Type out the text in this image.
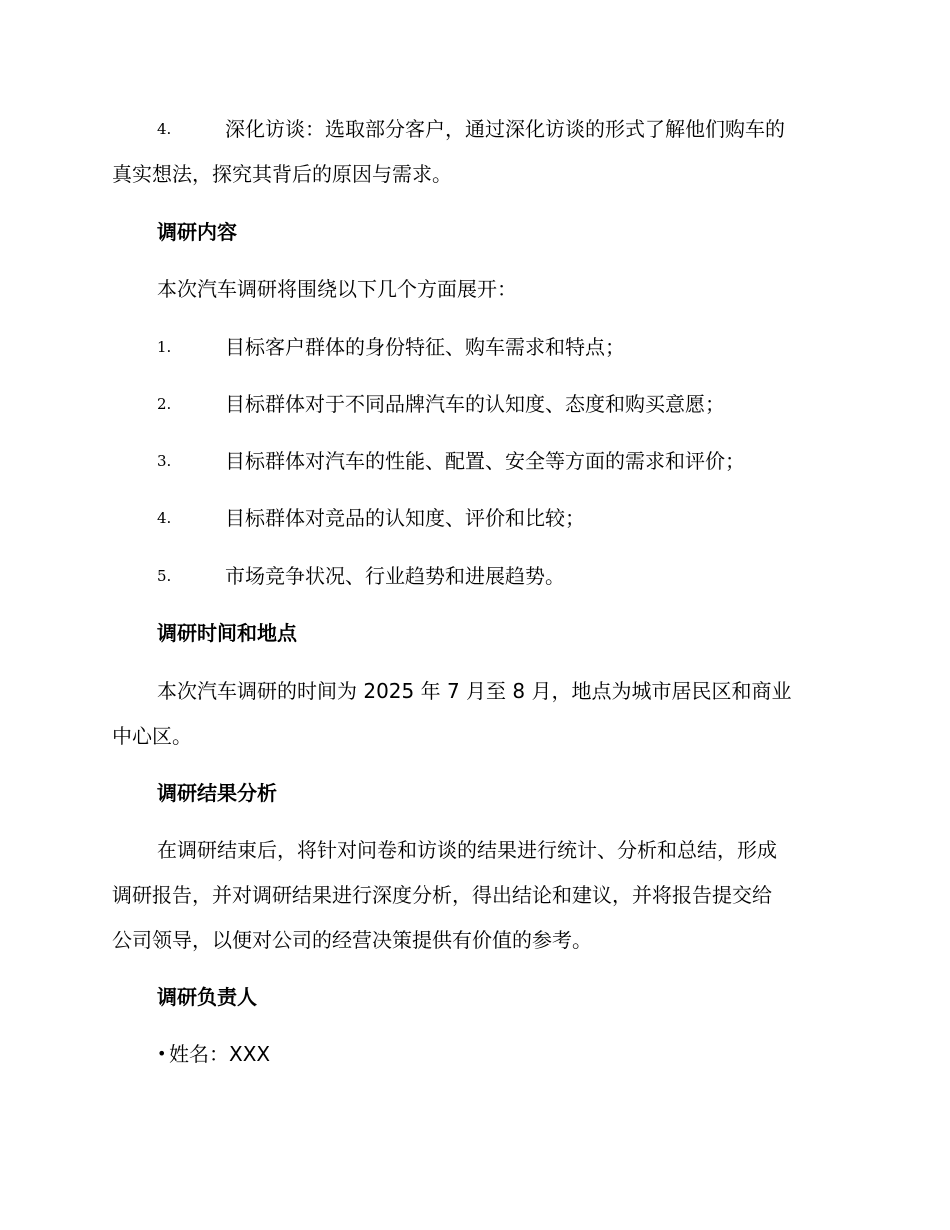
4.	深化访谈：选取部分客户，通过深化访谈的形式了解他们购车的
真实想法，探究其背后的原因与需求。
调研内容
本次汽车调研将围绕以下几个方面展开：
1.	目标客户群体的身份特征、购车需求和特点；
2.	目标群体对于不同品牌汽车的认知度、态度和购买意愿；
3.	目标群体对汽车的性能、配置、安全等方面的需求和评价；
4.	目标群体对竞品的认知度、评价和比较；
5.	市场竞争状况、行业趋势和进展趋势。
调研时间和地点
本次汽车调研的时间为 2025 年 7 月至 8 月，地点为城市居民区和商业
中心区。
调研结果分析
在调研结束后，将针对问卷和访谈的结果进行统计、分析和总结，形成
调研报告，并对调研结果进行深度分析，得出结论和建议，并将报告提交给
公司领导，以便对公司的经营决策提供有价值的参考。
调研负责人
• 姓名：XXX
